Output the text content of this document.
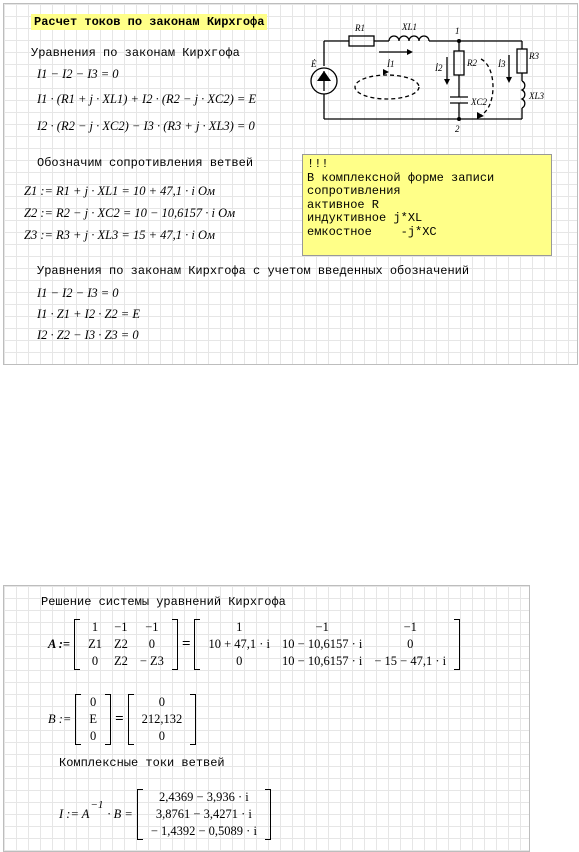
Расчет токов по законам Кирхгофа
Уравнения по законам Кирхгофа
I1 − I2 − I3 = 0
I1 · (R1 + j · XL1) + I2 · (R2 − j · XC2) = E
I2 · (R2 − j · XC2) − I3 · (R3 + j · XL3) = 0
Обозначим сопротивления ветвей
Z1 := R1 + j · XL1 = 10 + 47,1 · i Ом
Z2 := R2 − j · XC2 = 10 − 10,6157 · i Ом
Z3 := R3 + j · XL3 = 15 + 47,1 · i Ом
!!!
В комплексной форме записи
сопротивления
активное R
индуктивное j*XL
емкостное    -j*XC
Уравнения по законам Кирхгофа с учетом введенных обозначений
I1 − I2 − I3 = 0
I1 · Z1 + I2 · Z2 = E
I2 · Z2 − I3 · Z3 = 0
R1	XL1	1
R3
İ1	İ2	İ3
R2
XL3
Ė
XC2
2
Решение системы уравнений Кирхгофа
A :=
1	−1	−1
Z1	Z2	0
0	Z2	− Z3
=
1	−1	−1
10 + 47,1 · i	10 − 10,6157 · i	0
0	10 − 10,6157 · i	− 15 − 47,1 · i
B :=
0
E
0
=
0
212,132
0
Комплексные токи ветвей
I := A
−1
· B =
2,4369 − 3,936 · i
3,8761 − 3,4271 · i
− 1,4392 − 0,5089 · i
